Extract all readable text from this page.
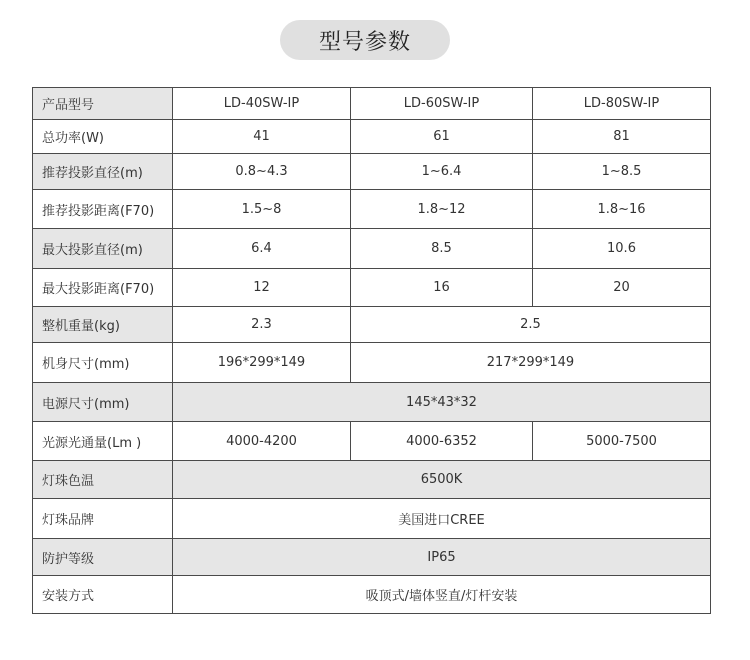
型号参数
产品型号	LD-40SW-IP	LD-60SW-IP	LD-80SW-IP
总功率(W)	41	61	81
推荐投影直径(m)	0.8~4.3	1~6.4	1~8.5
推荐投影距离(F70)	1.5~8	1.8~12	1.8~16
最大投影直径(m)	6.4	8.5	10.6
最大投影距离(F70)	12	16	20
整机重量(kg)	2.3	2.5	
机身尺寸(mm)	196*299*149	217*299*149	
电源尺寸(mm)	145*43*32		
光源光通量(Lm )	4000-4200	4000-6352	5000-7500
灯珠色温	6500K		
灯珠品牌	美国进口CREE		
防护等级	IP65		
安装方式	吸顶式/墙体竖直/灯杆安装		
